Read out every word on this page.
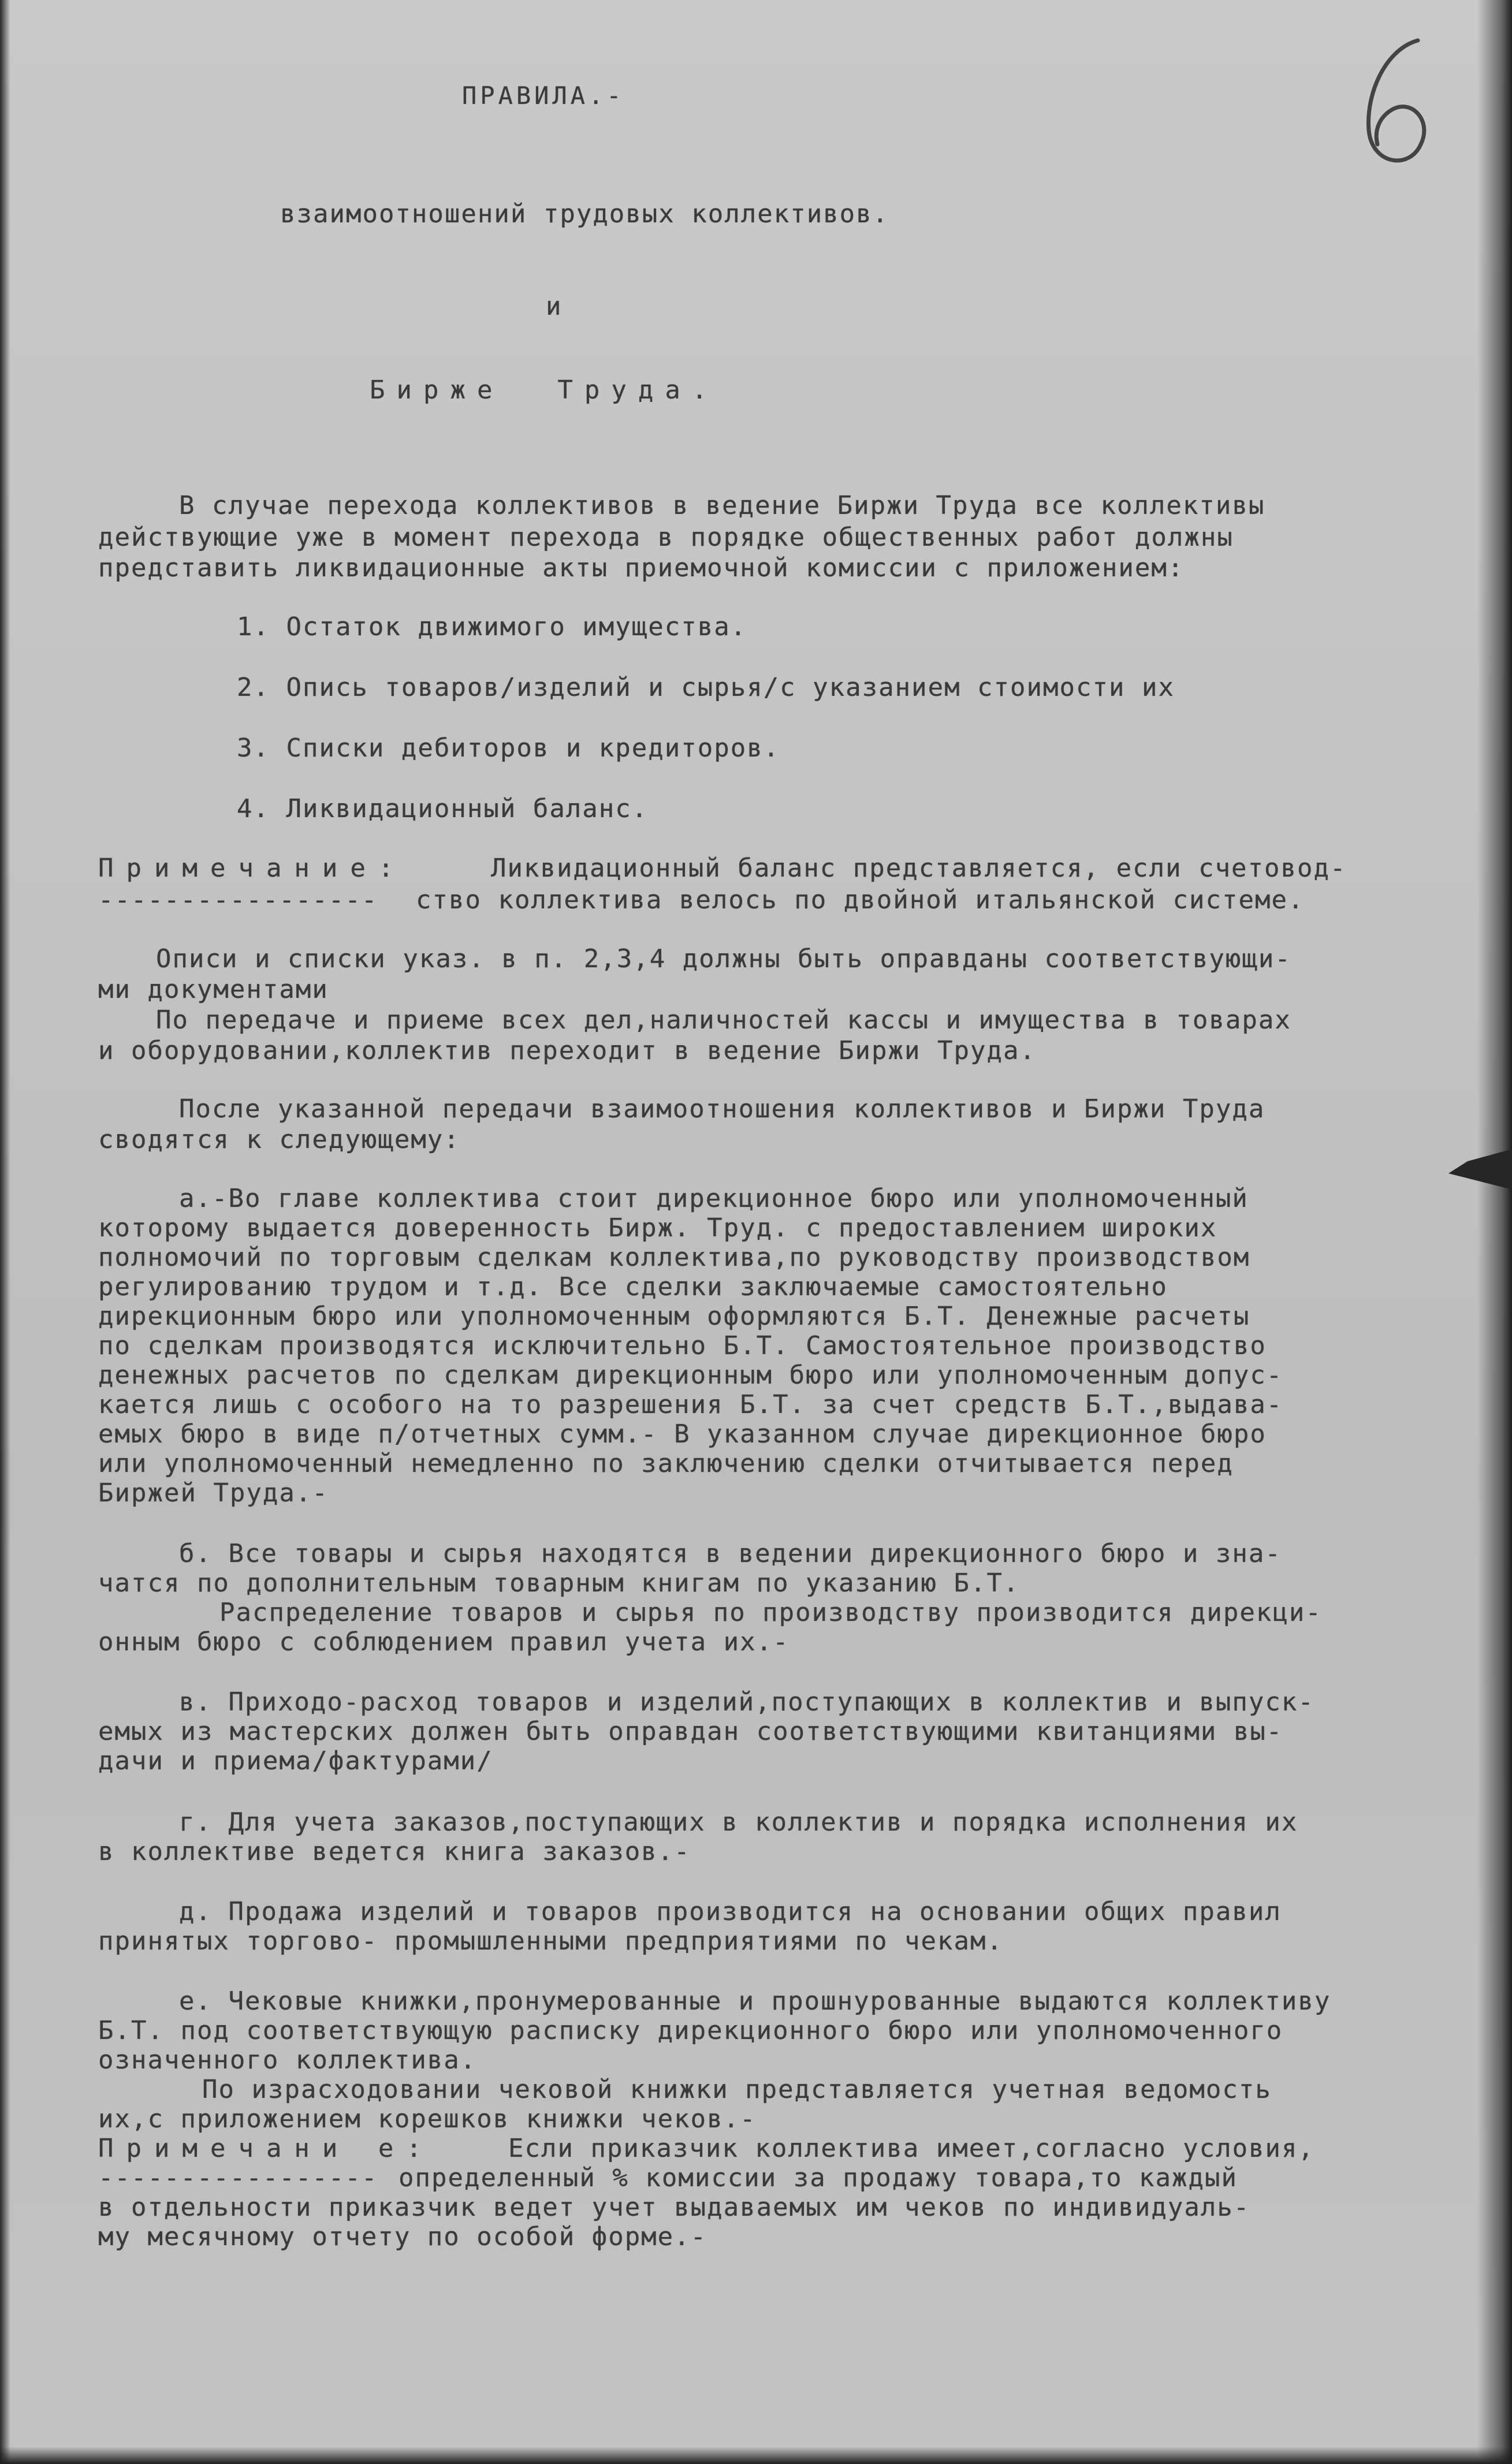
ПРАВИЛА.-
взаимоотношений трудовых коллективов.
и
Бирже  Труда.
В случае перехода коллективов в ведение Биржи Труда все коллективы
действующие уже в момент перехода в порядке общественных работ должны
представить ликвидационные акты приемочной комиссии с приложением:
1. Остаток движимого имущества.
2. Опись товаров/изделий и сырья/с указанием стоимости их
3. Списки дебиторов и кредиторов.
4. Ликвидационный баланс.
Примечание:	Ликвидационный баланс представляется, если счетовод-
----------------- ство коллектива велось по двойной итальянской системе.
Описи и списки указ. в п. 2,3,4 должны быть оправданы соответствующи-
ми документами
По передаче и приеме всех дел,наличностей кассы и имущества в товарах
и оборудовании,коллектив переходит в ведение Биржи Труда.
После указанной передачи взаимоотношения коллективов и Биржи Труда
сводятся к следующему:
а.-Во главе коллектива стоит дирекционное бюро или уполномоченный
которому выдается доверенность Бирж. Труд. с предоставлением широких
полномочий по торговым сделкам коллектива,по руководству производством
регулированию трудом и т.д. Все сделки заключаемые самостоятельно
дирекционным бюро или уполномоченным оформляются Б.Т. Денежные расчеты
по сделкам производятся исключительно Б.Т. Самостоятельное производство
денежных расчетов по сделкам дирекционным бюро или уполномоченным допус-
кается лишь с особого на то разрешения Б.Т. за счет средств Б.Т.,выдава-
емых бюро в виде п/отчетных сумм.- В указанном случае дирекционное бюро
или уполномоченный немедленно по заключению сделки отчитывается перед
Биржей Труда.-
б. Все товары и сырья находятся в ведении дирекционного бюро и зна-
чатся по дополнительным товарным книгам по указанию Б.Т.
Распределение товаров и сырья по производству производится дирекци-
онным бюро с соблюдением правил учета их.-
в. Приходо-расход товаров и изделий,поступающих в коллектив и выпуск-
емых из мастерских должен быть оправдан соответствующими квитанциями вы-
дачи и приема/фактурами/
г. Для учета заказов,поступающих в коллектив и порядка исполнения их
в коллективе ведется книга заказов.-
д. Продажа изделий и товаров производится на основании общих правил
принятых торгово- промышленными предприятиями по чекам.
е. Чековые книжки,пронумерованные и прошнурованные выдаются коллективу
Б.Т. под соответствующую расписку дирекционного бюро или уполномоченного
означенного коллектива.
По израсходовании чековой книжки представляется учетная ведомость
их,с приложением корешков книжки чеков.-
Примечани е:	Если приказчик коллектива имеет,согласно условия,
----------------- определенный % комиссии за продажу товара,то каждый
в отдельности приказчик ведет учет выдаваемых им чеков по индивидуаль-
му месячному отчету по особой форме.-
